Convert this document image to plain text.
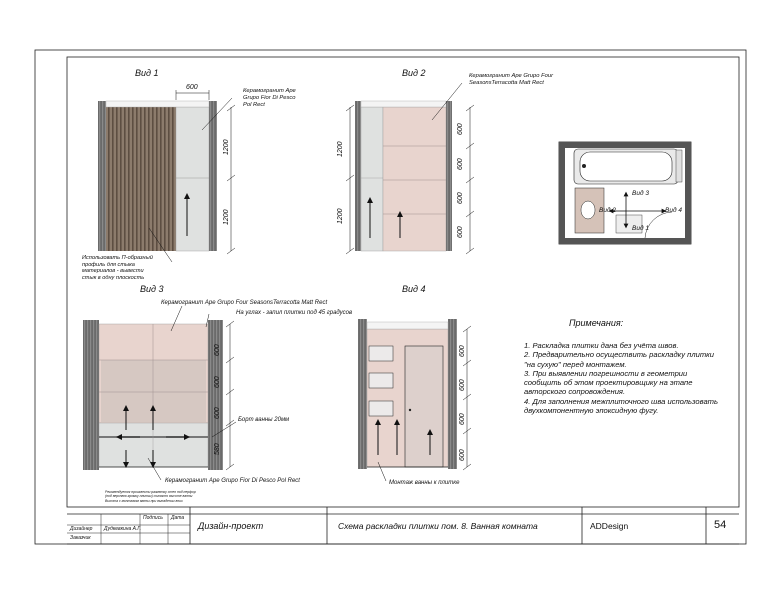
Вид 1	Вид 2
Вид 3	Вид 4
Керамогранит Ape
Grupo Fior Di Pesco
Pol Rect
Использовать П-образный
профиль для стыка
материалов - вывести
стык в одну плоскость
600
1200
1200
Керамогранит Ape Grupo Four
SeasonsTerracotta Matt Rect
1200
1200
600
600
600
600
Вид 3
Вид 2	Вид 4
Вид 1
Керамогранит Ape Grupo Four SeasonsTerracotta Matt Rect
На углах - запил плитки под 45 градусов
Борт ванны 20мм
Керамогранит Ape Grupo Fior Di Pesco Pol Rect
Рекомендуется произвести разметку стен под перфор
(под верхнюю кромку плитки) согласно высоте ванны
Высота с монтажом ванны при выпадении вниз
600
600
600
580
Монтаж ванны к плитке
600
600
600
600
Примечания:
1. Раскладка плитки дана без учёта швов.
2. Предварительно осуществить раскладку плитки "на сухую" перед монтажем.
3. При выявлении погрешности в геометрии сообщить об этом проектировщику на этапе авторского сопровождения.
4. Для заполнения межплиточного шва использовать двухкомпонентную эпоксидную фугу.
Подпись Дата
Дизайнер Дудкевкина А.Г.
Заказчик
Дизайн-проект	Схема раскладки плитки пом. 8. Ванная комната	ADDesign	54
